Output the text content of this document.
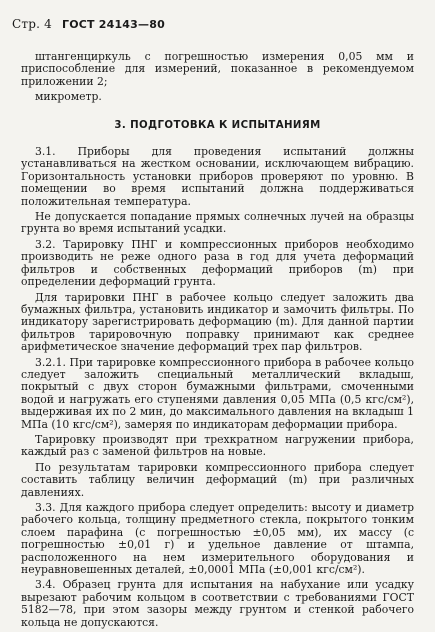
Стр. 4 ГОСТ 24143—80

штангенциркуль с погрешностью измерения 0,05 мм и приспособление для измерений, показанное в рекомендуемом приложении 2;

микрометр.

3. ПОДГОТОВКА К ИСПЫТАНИЯМ

3.1. Приборы для проведения испытаний должны устанавливаться на жестком основании, исключающем вибрацию. Горизонтальность установки приборов проверяют по уровню. В помещении во время испытаний должна поддерживаться положительная температура.

Не допускается попадание прямых солнечных лучей на образцы грунта во время испытаний усадки.

3.2. Тарировку ПНГ и компрессионных приборов необходимо производить не реже одного раза в год для учета деформаций фильтров и собственных деформаций приборов (m) при определении деформаций грунта.

Для тарировки ПНГ в рабочее кольцо следует заложить два бумажных фильтра, установить индикатор и замочить фильтры. По индикатору зарегистрировать деформацию (m). Для данной партии фильтров тарировочную поправку принимают как среднее арифметическое значение деформаций трех пар фильтров.

3.2.1. При тарировке компрессионного прибора в рабочее кольцо следует заложить специальный металлический вкладыш, покрытый с двух сторон бумажными фильтрами, смоченными водой и нагружать его ступенями давления 0,05 МПа (0,5 кгс/см²), выдерживая их по 2 мин, до максимального давления на вкладыш 1 МПа (10 кгс/см²), замеряя по индикаторам деформации прибора.

Тарировку производят при трехкратном нагружении прибора, каждый раз с заменой фильтров на новые.

По результатам тарировки компрессионного прибора следует составить таблицу величин деформаций (m) при различных давлениях.

3.3. Для каждого прибора следует определить: высоту и диаметр рабочего кольца, толщину предметного стекла, покрытого тонким слоем парафина (с погрешностью ±0,05 мм), их массу (с погрешностью ±0,01 г) и удельное давление от штампа, расположенного на нем измерительного оборудования и неуравновешенных деталей, ±0,0001 МПа (±0,001 кгс/см²).

3.4. Образец грунта для испытания на набухание или усадку вырезают рабочим кольцом в соответствии с требованиями ГОСТ 5182—78, при этом зазоры между грунтом и стенкой рабочего кольца не допускаются.
